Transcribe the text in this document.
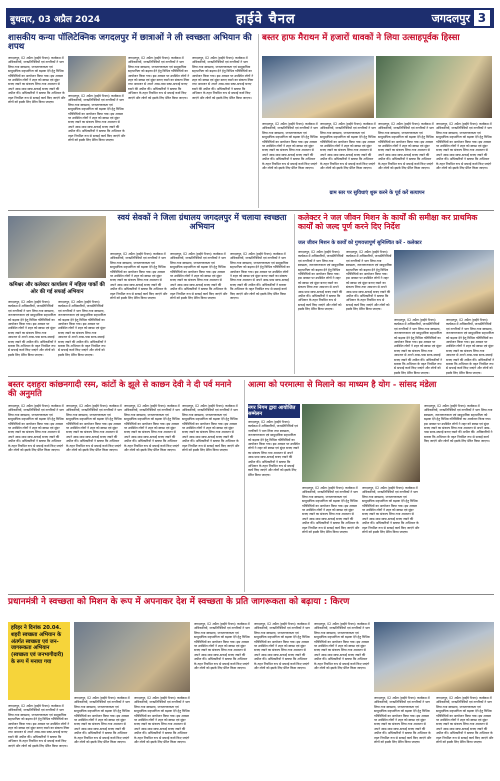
बुधवार, 03 अप्रैल 2024	हाईवे चैनल	जगदलपुर 3
शासकीय कन्या पॉलिटेक्निक जगदलपुर में छात्राओं ने ली स्वच्छता अभियान की शपथ
जगदलपुर, 02 अप्रैल (हाईवे चैनल)। कार्यक्रम में अधिकारियों, जनप्रतिनिधियों एवं नागरिकों ने भाग लिया तथा स्वच्छता, जनजागरूकता एवं सामुदायिक सहभागिता को बढ़ावा देने हेतु विभिन्न गतिविधियों का आयोजन किया गया। इस अवसर पर उपस्थित लोगों ने शहर को स्वच्छ एवं सुंदर बनाए रखने का संकल्प लिया तथा आमजन से अपने आस-पास साफ-सफाई बनाए रखने की अपील की। अधिकारियों ने बताया कि अभियान के तहत नियमित रूप से सफाई कार्य किए जाएंगे और लोगों को इसके लिए प्रेरित किया जाएगा।
जगदलपुर, 02 अप्रैल (हाईवे चैनल)। कार्यक्रम में अधिकारियों, जनप्रतिनिधियों एवं नागरिकों ने भाग लिया तथा स्वच्छता, जनजागरूकता एवं सामुदायिक सहभागिता को बढ़ावा देने हेतु विभिन्न गतिविधियों का आयोजन किया गया। इस अवसर पर उपस्थित लोगों ने शहर को स्वच्छ एवं सुंदर बनाए रखने का संकल्प लिया तथा आमजन से अपने आस-पास साफ-सफाई बनाए रखने की अपील की। अधिकारियों ने बताया कि अभियान के तहत नियमित रूप से सफाई कार्य किए जाएंगे और लोगों को इसके लिए प्रेरित किया जाएगा।
जगदलपुर, 02 अप्रैल (हाईवे चैनल)। कार्यक्रम में अधिकारियों, जनप्रतिनिधियों एवं नागरिकों ने भाग लिया तथा स्वच्छता, जनजागरूकता एवं सामुदायिक सहभागिता को बढ़ावा देने हेतु विभिन्न गतिविधियों का आयोजन किया गया। इस अवसर पर उपस्थित लोगों ने शहर को स्वच्छ एवं सुंदर बनाए रखने का संकल्प लिया तथा आमजन से अपने आस-पास साफ-सफाई बनाए रखने की अपील की। अधिकारियों ने बताया कि अभियान के तहत नियमित रूप से सफाई कार्य किए जाएंगे और लोगों को इसके लिए प्रेरित किया जाएगा।
जगदलपुर, 02 अप्रैल (हाईवे चैनल)। कार्यक्रम में अधिकारियों, जनप्रतिनिधियों एवं नागरिकों ने भाग लिया तथा स्वच्छता, जनजागरूकता एवं सामुदायिक सहभागिता को बढ़ावा देने हेतु विभिन्न गतिविधियों का आयोजन किया गया। इस अवसर पर उपस्थित लोगों ने शहर को स्वच्छ एवं सुंदर बनाए रखने का संकल्प लिया तथा आमजन से अपने आस-पास साफ-सफाई बनाए रखने की अपील की। अधिकारियों ने बताया कि अभियान के तहत नियमित रूप से सफाई कार्य किए जाएंगे और लोगों को इसके लिए प्रेरित किया जाएगा।
बस्तर हाफ मैराथन में हजारों धावकों ने लिया उत्साहपूर्वक हिस्सा
जगदलपुर, 02 अप्रैल (हाईवे चैनल)। कार्यक्रम में अधिकारियों, जनप्रतिनिधियों एवं नागरिकों ने भाग लिया तथा स्वच्छता, जनजागरूकता एवं सामुदायिक सहभागिता को बढ़ावा देने हेतु विभिन्न गतिविधियों का आयोजन किया गया। इस अवसर पर उपस्थित लोगों ने शहर को स्वच्छ एवं सुंदर बनाए रखने का संकल्प लिया तथा आमजन से अपने आस-पास साफ-सफाई बनाए रखने की अपील की। अधिकारियों ने बताया कि अभियान के तहत नियमित रूप से सफाई कार्य किए जाएंगे और लोगों को इसके लिए प्रेरित किया जाएगा।
जगदलपुर, 02 अप्रैल (हाईवे चैनल)। कार्यक्रम में अधिकारियों, जनप्रतिनिधियों एवं नागरिकों ने भाग लिया तथा स्वच्छता, जनजागरूकता एवं सामुदायिक सहभागिता को बढ़ावा देने हेतु विभिन्न गतिविधियों का आयोजन किया गया। इस अवसर पर उपस्थित लोगों ने शहर को स्वच्छ एवं सुंदर बनाए रखने का संकल्प लिया तथा आमजन से अपने आस-पास साफ-सफाई बनाए रखने की अपील की। अधिकारियों ने बताया कि अभियान के तहत नियमित रूप से सफाई कार्य किए जाएंगे और लोगों को इसके लिए प्रेरित किया जाएगा।
जगदलपुर, 02 अप्रैल (हाईवे चैनल)। कार्यक्रम में अधिकारियों, जनप्रतिनिधियों एवं नागरिकों ने भाग लिया तथा स्वच्छता, जनजागरूकता एवं सामुदायिक सहभागिता को बढ़ावा देने हेतु विभिन्न गतिविधियों का आयोजन किया गया। इस अवसर पर उपस्थित लोगों ने शहर को स्वच्छ एवं सुंदर बनाए रखने का संकल्प लिया तथा आमजन से अपने आस-पास साफ-सफाई बनाए रखने की अपील की। अधिकारियों ने बताया कि अभियान के तहत नियमित रूप से सफाई कार्य किए जाएंगे और लोगों को इसके लिए प्रेरित किया जाएगा।
जगदलपुर, 02 अप्रैल (हाईवे चैनल)। कार्यक्रम में अधिकारियों, जनप्रतिनिधियों एवं नागरिकों ने भाग लिया तथा स्वच्छता, जनजागरूकता एवं सामुदायिक सहभागिता को बढ़ावा देने हेतु विभिन्न गतिविधियों का आयोजन किया गया। इस अवसर पर उपस्थित लोगों ने शहर को स्वच्छ एवं सुंदर बनाए रखने का संकल्प लिया तथा आमजन से अपने आस-पास साफ-सफाई बनाए रखने की अपील की। अधिकारियों ने बताया कि अभियान के तहत नियमित रूप से सफाई कार्य किए जाएंगे और लोगों को इसके लिए प्रेरित किया जाएगा।
स्वयं सेवकों ने जिला ग्रंथालय जगदलपुर में चलाया स्वच्छता अभियान
कमिश्नर और कलेक्टर कार्यालय में महिला पार्को की ओर की गई सफाई अभियान
जगदलपुर, 02 अप्रैल (हाईवे चैनल)। कार्यक्रम में अधिकारियों, जनप्रतिनिधियों एवं नागरिकों ने भाग लिया तथा स्वच्छता, जनजागरूकता एवं सामुदायिक सहभागिता को बढ़ावा देने हेतु विभिन्न गतिविधियों का आयोजन किया गया। इस अवसर पर उपस्थित लोगों ने शहर को स्वच्छ एवं सुंदर बनाए रखने का संकल्प लिया तथा आमजन से अपने आस-पास साफ-सफाई बनाए रखने की अपील की। अधिकारियों ने बताया कि अभियान के तहत नियमित रूप से सफाई कार्य किए जाएंगे और लोगों को इसके लिए प्रेरित किया जाएगा।
जगदलपुर, 02 अप्रैल (हाईवे चैनल)। कार्यक्रम में अधिकारियों, जनप्रतिनिधियों एवं नागरिकों ने भाग लिया तथा स्वच्छता, जनजागरूकता एवं सामुदायिक सहभागिता को बढ़ावा देने हेतु विभिन्न गतिविधियों का आयोजन किया गया। इस अवसर पर उपस्थित लोगों ने शहर को स्वच्छ एवं सुंदर बनाए रखने का संकल्प लिया तथा आमजन से अपने आस-पास साफ-सफाई बनाए रखने की अपील की। अधिकारियों ने बताया कि अभियान के तहत नियमित रूप से सफाई कार्य किए जाएंगे और लोगों को इसके लिए प्रेरित किया जाएगा।
जगदलपुर, 02 अप्रैल (हाईवे चैनल)। कार्यक्रम में अधिकारियों, जनप्रतिनिधियों एवं नागरिकों ने भाग लिया तथा स्वच्छता, जनजागरूकता एवं सामुदायिक सहभागिता को बढ़ावा देने हेतु विभिन्न गतिविधियों का आयोजन किया गया। इस अवसर पर उपस्थित लोगों ने शहर को स्वच्छ एवं सुंदर बनाए रखने का संकल्प लिया तथा आमजन से अपने आस-पास साफ-सफाई बनाए रखने की अपील की। अधिकारियों ने बताया कि अभियान के तहत नियमित रूप से सफाई कार्य किए जाएंगे और लोगों को इसके लिए प्रेरित किया जाएगा।
जगदलपुर, 02 अप्रैल (हाईवे चैनल)। कार्यक्रम में अधिकारियों, जनप्रतिनिधियों एवं नागरिकों ने भाग लिया तथा स्वच्छता, जनजागरूकता एवं सामुदायिक सहभागिता को बढ़ावा देने हेतु विभिन्न गतिविधियों का आयोजन किया गया। इस अवसर पर उपस्थित लोगों ने शहर को स्वच्छ एवं सुंदर बनाए रखने का संकल्प लिया तथा आमजन से अपने आस-पास साफ-सफाई बनाए रखने की अपील की। अधिकारियों ने बताया कि अभियान के तहत नियमित रूप से सफाई कार्य किए जाएंगे और लोगों को इसके लिए प्रेरित किया जाएगा।
जगदलपुर, 02 अप्रैल (हाईवे चैनल)। कार्यक्रम में अधिकारियों, जनप्रतिनिधियों एवं नागरिकों ने भाग लिया तथा स्वच्छता, जनजागरूकता एवं सामुदायिक सहभागिता को बढ़ावा देने हेतु विभिन्न गतिविधियों का आयोजन किया गया। इस अवसर पर उपस्थित लोगों ने शहर को स्वच्छ एवं सुंदर बनाए रखने का संकल्प लिया तथा आमजन से अपने आस-पास साफ-सफाई बनाए रखने की अपील की। अधिकारियों ने बताया कि अभियान के तहत नियमित रूप से सफाई कार्य किए जाएंगे और लोगों को इसके लिए प्रेरित किया जाएगा।
कलेक्टर ने जल जीवन मिशन के कार्यों की समीक्षा कर प्राथमिक कार्यों को जल्द पूर्ण करने दिए निर्देश
जल जीवन मिशन के कार्यों को गुणवत्तापूर्ण सुनिश्चित करें - कलेक्टर
जगदलपुर, 02 अप्रैल (हाईवे चैनल)। कार्यक्रम में अधिकारियों, जनप्रतिनिधियों एवं नागरिकों ने भाग लिया तथा स्वच्छता, जनजागरूकता एवं सामुदायिक सहभागिता को बढ़ावा देने हेतु विभिन्न गतिविधियों का आयोजन किया गया। इस अवसर पर उपस्थित लोगों ने शहर को स्वच्छ एवं सुंदर बनाए रखने का संकल्प लिया तथा आमजन से अपने आस-पास साफ-सफाई बनाए रखने की अपील की। अधिकारियों ने बताया कि अभियान के तहत नियमित रूप से सफाई कार्य किए जाएंगे और लोगों को इसके लिए प्रेरित किया जाएगा।
जगदलपुर, 02 अप्रैल (हाईवे चैनल)। कार्यक्रम में अधिकारियों, जनप्रतिनिधियों एवं नागरिकों ने भाग लिया तथा स्वच्छता, जनजागरूकता एवं सामुदायिक सहभागिता को बढ़ावा देने हेतु विभिन्न गतिविधियों का आयोजन किया गया। इस अवसर पर उपस्थित लोगों ने शहर को स्वच्छ एवं सुंदर बनाए रखने का संकल्प लिया तथा आमजन से अपने आस-पास साफ-सफाई बनाए रखने की अपील की। अधिकारियों ने बताया कि अभियान के तहत नियमित रूप से सफाई कार्य किए जाएंगे और लोगों को इसके लिए प्रेरित किया जाएगा।
जगदलपुर, 02 अप्रैल (हाईवे चैनल)। कार्यक्रम में अधिकारियों, जनप्रतिनिधियों एवं नागरिकों ने भाग लिया तथा स्वच्छता, जनजागरूकता एवं सामुदायिक सहभागिता को बढ़ावा देने हेतु विभिन्न गतिविधियों का आयोजन किया गया। इस अवसर पर उपस्थित लोगों ने शहर को स्वच्छ एवं सुंदर बनाए रखने का संकल्प लिया तथा आमजन से अपने आस-पास साफ-सफाई बनाए रखने की अपील की। अधिकारियों ने बताया कि अभियान के तहत नियमित रूप से सफाई कार्य किए जाएंगे और लोगों को इसके लिए प्रेरित किया जाएगा।
जगदलपुर, 02 अप्रैल (हाईवे चैनल)। कार्यक्रम में अधिकारियों, जनप्रतिनिधियों एवं नागरिकों ने भाग लिया तथा स्वच्छता, जनजागरूकता एवं सामुदायिक सहभागिता को बढ़ावा देने हेतु विभिन्न गतिविधियों का आयोजन किया गया। इस अवसर पर उपस्थित लोगों ने शहर को स्वच्छ एवं सुंदर बनाए रखने का संकल्प लिया तथा आमजन से अपने आस-पास साफ-सफाई बनाए रखने की अपील की। अधिकारियों ने बताया कि अभियान के तहत नियमित रूप से सफाई कार्य किए जाएंगे और लोगों को इसके लिए प्रेरित किया जाएगा।
ग्राम स्तर पर सुविधाएं शुरू करने के पूर्व करें सत्यापन
बस्तर दशहरा कांछनगादी रस्म, कांटों के झूले से काछन देवी ने दी पर्व मनाने की अनुमति
जगदलपुर, 02 अप्रैल (हाईवे चैनल)। कार्यक्रम में अधिकारियों, जनप्रतिनिधियों एवं नागरिकों ने भाग लिया तथा स्वच्छता, जनजागरूकता एवं सामुदायिक सहभागिता को बढ़ावा देने हेतु विभिन्न गतिविधियों का आयोजन किया गया। इस अवसर पर उपस्थित लोगों ने शहर को स्वच्छ एवं सुंदर बनाए रखने का संकल्प लिया तथा आमजन से अपने आस-पास साफ-सफाई बनाए रखने की अपील की। अधिकारियों ने बताया कि अभियान के तहत नियमित रूप से सफाई कार्य किए जाएंगे और लोगों को इसके लिए प्रेरित किया जाएगा।
जगदलपुर, 02 अप्रैल (हाईवे चैनल)। कार्यक्रम में अधिकारियों, जनप्रतिनिधियों एवं नागरिकों ने भाग लिया तथा स्वच्छता, जनजागरूकता एवं सामुदायिक सहभागिता को बढ़ावा देने हेतु विभिन्न गतिविधियों का आयोजन किया गया। इस अवसर पर उपस्थित लोगों ने शहर को स्वच्छ एवं सुंदर बनाए रखने का संकल्प लिया तथा आमजन से अपने आस-पास साफ-सफाई बनाए रखने की अपील की। अधिकारियों ने बताया कि अभियान के तहत नियमित रूप से सफाई कार्य किए जाएंगे और लोगों को इसके लिए प्रेरित किया जाएगा।
जगदलपुर, 02 अप्रैल (हाईवे चैनल)। कार्यक्रम में अधिकारियों, जनप्रतिनिधियों एवं नागरिकों ने भाग लिया तथा स्वच्छता, जनजागरूकता एवं सामुदायिक सहभागिता को बढ़ावा देने हेतु विभिन्न गतिविधियों का आयोजन किया गया। इस अवसर पर उपस्थित लोगों ने शहर को स्वच्छ एवं सुंदर बनाए रखने का संकल्प लिया तथा आमजन से अपने आस-पास साफ-सफाई बनाए रखने की अपील की। अधिकारियों ने बताया कि अभियान के तहत नियमित रूप से सफाई कार्य किए जाएंगे और लोगों को इसके लिए प्रेरित किया जाएगा।
जगदलपुर, 02 अप्रैल (हाईवे चैनल)। कार्यक्रम में अधिकारियों, जनप्रतिनिधियों एवं नागरिकों ने भाग लिया तथा स्वच्छता, जनजागरूकता एवं सामुदायिक सहभागिता को बढ़ावा देने हेतु विभिन्न गतिविधियों का आयोजन किया गया। इस अवसर पर उपस्थित लोगों ने शहर को स्वच्छ एवं सुंदर बनाए रखने का संकल्प लिया तथा आमजन से अपने आस-पास साफ-सफाई बनाए रखने की अपील की। अधिकारियों ने बताया कि अभियान के तहत नियमित रूप से सफाई कार्य किए जाएंगे और लोगों को इसके लिए प्रेरित किया जाएगा।
आत्मा को परमात्मा से मिलाने का माध्यम है योग - सांसद मंडेला
नगर निगम द्वारा आयोजित सम्मेलन
जगदलपुर, 02 अप्रैल (हाईवे चैनल)। कार्यक्रम में अधिकारियों, जनप्रतिनिधियों एवं नागरिकों ने भाग लिया तथा स्वच्छता, जनजागरूकता एवं सामुदायिक सहभागिता को बढ़ावा देने हेतु विभिन्न गतिविधियों का आयोजन किया गया। इस अवसर पर उपस्थित लोगों ने शहर को स्वच्छ एवं सुंदर बनाए रखने का संकल्प लिया तथा आमजन से अपने आस-पास साफ-सफाई बनाए रखने की अपील की। अधिकारियों ने बताया कि अभियान के तहत नियमित रूप से सफाई कार्य किए जाएंगे और लोगों को इसके लिए प्रेरित किया जाएगा।
जगदलपुर, 02 अप्रैल (हाईवे चैनल)। कार्यक्रम में अधिकारियों, जनप्रतिनिधियों एवं नागरिकों ने भाग लिया तथा स्वच्छता, जनजागरूकता एवं सामुदायिक सहभागिता को बढ़ावा देने हेतु विभिन्न गतिविधियों का आयोजन किया गया। इस अवसर पर उपस्थित लोगों ने शहर को स्वच्छ एवं सुंदर बनाए रखने का संकल्प लिया तथा आमजन से अपने आस-पास साफ-सफाई बनाए रखने की अपील की। अधिकारियों ने बताया कि अभियान के तहत नियमित रूप से सफाई कार्य किए जाएंगे और लोगों को इसके लिए प्रेरित किया जाएगा।
जगदलपुर, 02 अप्रैल (हाईवे चैनल)। कार्यक्रम में अधिकारियों, जनप्रतिनिधियों एवं नागरिकों ने भाग लिया तथा स्वच्छता, जनजागरूकता एवं सामुदायिक सहभागिता को बढ़ावा देने हेतु विभिन्न गतिविधियों का आयोजन किया गया। इस अवसर पर उपस्थित लोगों ने शहर को स्वच्छ एवं सुंदर बनाए रखने का संकल्प लिया तथा आमजन से अपने आस-पास साफ-सफाई बनाए रखने की अपील की। अधिकारियों ने बताया कि अभियान के तहत नियमित रूप से सफाई कार्य किए जाएंगे और लोगों को इसके लिए प्रेरित किया जाएगा।
जगदलपुर, 02 अप्रैल (हाईवे चैनल)। कार्यक्रम में अधिकारियों, जनप्रतिनिधियों एवं नागरिकों ने भाग लिया तथा स्वच्छता, जनजागरूकता एवं सामुदायिक सहभागिता को बढ़ावा देने हेतु विभिन्न गतिविधियों का आयोजन किया गया। इस अवसर पर उपस्थित लोगों ने शहर को स्वच्छ एवं सुंदर बनाए रखने का संकल्प लिया तथा आमजन से अपने आस-पास साफ-सफाई बनाए रखने की अपील की। अधिकारियों ने बताया कि अभियान के तहत नियमित रूप से सफाई कार्य किए जाएंगे और लोगों को इसके लिए प्रेरित किया जाएगा।
प्रधानमंत्री ने स्वच्छता को मिशन के रूप में अपनाकर देश में स्वच्छता के प्रति जागरूकता को बढ़ाया : किरण
हरिहर ने दिनांक 20.04. शहरी स्वच्छता अभियान के अंतर्गत स्वच्छता एवं जन-जागरूकता अभियान (स्वच्छता एवं जनभागीदारी) के रूप में मनाया गया
जगदलपुर, 02 अप्रैल (हाईवे चैनल)। कार्यक्रम में अधिकारियों, जनप्रतिनिधियों एवं नागरिकों ने भाग लिया तथा स्वच्छता, जनजागरूकता एवं सामुदायिक सहभागिता को बढ़ावा देने हेतु विभिन्न गतिविधियों का आयोजन किया गया। इस अवसर पर उपस्थित लोगों ने शहर को स्वच्छ एवं सुंदर बनाए रखने का संकल्प लिया तथा आमजन से अपने आस-पास साफ-सफाई बनाए रखने की अपील की। अधिकारियों ने बताया कि अभियान के तहत नियमित रूप से सफाई कार्य किए जाएंगे और लोगों को इसके लिए प्रेरित किया जाएगा।
जगदलपुर, 02 अप्रैल (हाईवे चैनल)। कार्यक्रम में अधिकारियों, जनप्रतिनिधियों एवं नागरिकों ने भाग लिया तथा स्वच्छता, जनजागरूकता एवं सामुदायिक सहभागिता को बढ़ावा देने हेतु विभिन्न गतिविधियों का आयोजन किया गया। इस अवसर पर उपस्थित लोगों ने शहर को स्वच्छ एवं सुंदर बनाए रखने का संकल्प लिया तथा आमजन से अपने आस-पास साफ-सफाई बनाए रखने की अपील की। अधिकारियों ने बताया कि अभियान के तहत नियमित रूप से सफाई कार्य किए जाएंगे और लोगों को इसके लिए प्रेरित किया जाएगा।
जगदलपुर, 02 अप्रैल (हाईवे चैनल)। कार्यक्रम में अधिकारियों, जनप्रतिनिधियों एवं नागरिकों ने भाग लिया तथा स्वच्छता, जनजागरूकता एवं सामुदायिक सहभागिता को बढ़ावा देने हेतु विभिन्न गतिविधियों का आयोजन किया गया। इस अवसर पर उपस्थित लोगों ने शहर को स्वच्छ एवं सुंदर बनाए रखने का संकल्प लिया तथा आमजन से अपने आस-पास साफ-सफाई बनाए रखने की अपील की। अधिकारियों ने बताया कि अभियान के तहत नियमित रूप से सफाई कार्य किए जाएंगे और लोगों को इसके लिए प्रेरित किया जाएगा।
जगदलपुर, 02 अप्रैल (हाईवे चैनल)। कार्यक्रम में अधिकारियों, जनप्रतिनिधियों एवं नागरिकों ने भाग लिया तथा स्वच्छता, जनजागरूकता एवं सामुदायिक सहभागिता को बढ़ावा देने हेतु विभिन्न गतिविधियों का आयोजन किया गया। इस अवसर पर उपस्थित लोगों ने शहर को स्वच्छ एवं सुंदर बनाए रखने का संकल्प लिया तथा आमजन से अपने आस-पास साफ-सफाई बनाए रखने की अपील की। अधिकारियों ने बताया कि अभियान के तहत नियमित रूप से सफाई कार्य किए जाएंगे और लोगों को इसके लिए प्रेरित किया जाएगा।
जगदलपुर, 02 अप्रैल (हाईवे चैनल)। कार्यक्रम में अधिकारियों, जनप्रतिनिधियों एवं नागरिकों ने भाग लिया तथा स्वच्छता, जनजागरूकता एवं सामुदायिक सहभागिता को बढ़ावा देने हेतु विभिन्न गतिविधियों का आयोजन किया गया। इस अवसर पर उपस्थित लोगों ने शहर को स्वच्छ एवं सुंदर बनाए रखने का संकल्प लिया तथा आमजन से अपने आस-पास साफ-सफाई बनाए रखने की अपील की। अधिकारियों ने बताया कि अभियान के तहत नियमित रूप से सफाई कार्य किए जाएंगे और लोगों को इसके लिए प्रेरित किया जाएगा।
जगदलपुर, 02 अप्रैल (हाईवे चैनल)। कार्यक्रम में अधिकारियों, जनप्रतिनिधियों एवं नागरिकों ने भाग लिया तथा स्वच्छता, जनजागरूकता एवं सामुदायिक सहभागिता को बढ़ावा देने हेतु विभिन्न गतिविधियों का आयोजन किया गया। इस अवसर पर उपस्थित लोगों ने शहर को स्वच्छ एवं सुंदर बनाए रखने का संकल्प लिया तथा आमजन से अपने आस-पास साफ-सफाई बनाए रखने की अपील की। अधिकारियों ने बताया कि अभियान के तहत नियमित रूप से सफाई कार्य किए जाएंगे और लोगों को इसके लिए प्रेरित किया जाएगा।
जगदलपुर, 02 अप्रैल (हाईवे चैनल)। कार्यक्रम में अधिकारियों, जनप्रतिनिधियों एवं नागरिकों ने भाग लिया तथा स्वच्छता, जनजागरूकता एवं सामुदायिक सहभागिता को बढ़ावा देने हेतु विभिन्न गतिविधियों का आयोजन किया गया। इस अवसर पर उपस्थित लोगों ने शहर को स्वच्छ एवं सुंदर बनाए रखने का संकल्प लिया तथा आमजन से अपने आस-पास साफ-सफाई बनाए रखने की अपील की। अधिकारियों ने बताया कि अभियान के तहत नियमित रूप से सफाई कार्य किए जाएंगे और लोगों को इसके लिए प्रेरित किया जाएगा।
जगदलपुर, 02 अप्रैल (हाईवे चैनल)। कार्यक्रम में अधिकारियों, जनप्रतिनिधियों एवं नागरिकों ने भाग लिया तथा स्वच्छता, जनजागरूकता एवं सामुदायिक सहभागिता को बढ़ावा देने हेतु विभिन्न गतिविधियों का आयोजन किया गया। इस अवसर पर उपस्थित लोगों ने शहर को स्वच्छ एवं सुंदर बनाए रखने का संकल्प लिया तथा आमजन से अपने आस-पास साफ-सफाई बनाए रखने की अपील की। अधिकारियों ने बताया कि अभियान के तहत नियमित रूप से सफाई कार्य किए जाएंगे और लोगों को इसके लिए प्रेरित किया जाएगा।
